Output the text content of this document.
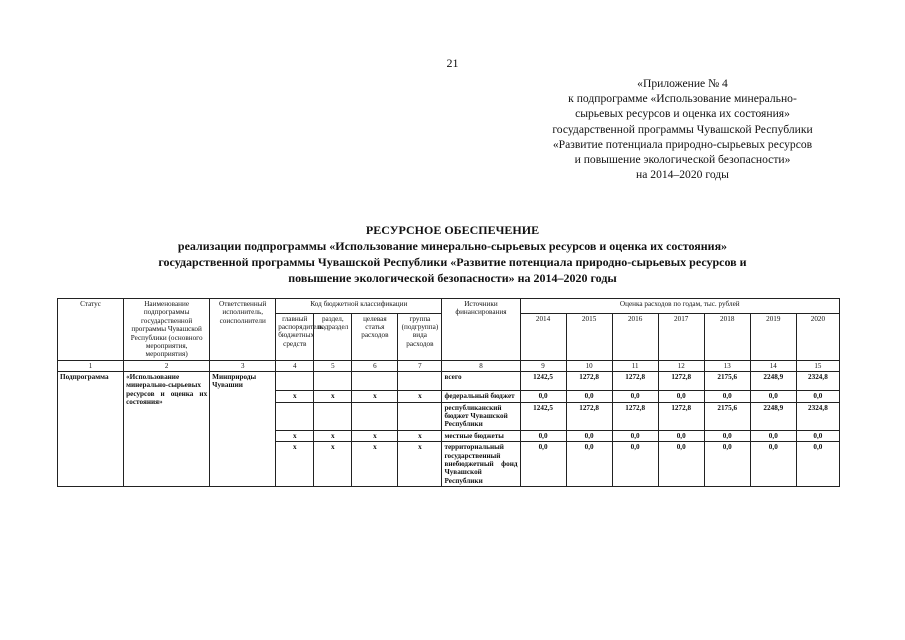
21
«Приложение № 4
к подпрограмме «Использование минерально-
сырьевых ресурсов и оценка их состояния»
государственной программы Чувашской Республики
«Развитие потенциала природно-сырьевых ресурсов
и повышение экологической безопасности»
на 2014–2020 годы
РЕСУРСНОЕ ОБЕСПЕЧЕНИЕ
реализации подпрограммы «Использование минерально-сырьевых ресурсов и оценка их состояния»
государственной программы Чувашской Республики «Развитие потенциала природно-сырьевых ресурсов и
повышение экологической безопасности» на 2014–2020 годы
Статус	Наименование подпрограммы государственной программы Чувашской Республики (основного мероприятия, мероприятия)	Ответственный исполнитель, соисполнители	Код бюджетной классификации				Источники финансирования	Оценка расходов по годам, тыс. рублей						
			главный распорядитель бюджетных средств	раздел, подраздел	целевая статья расходов	группа (подгруппа) вида расходов		2014	2015	2016	2017	2018	2019	2020
1	2	3	4	5	6	7	8	9	10	11	12	13	14	15
Подпрограмма	«Использование минерально-сырьевых ресурсов и оценка их состояния»	Минприроды Чувашии					всего	1242,5	1272,8	1272,8	1272,8	2175,6	2248,9	2324,8
			х	х	х	х	федеральный бюджет	0,0	0,0	0,0	0,0	0,0	0,0	0,0
							республиканский бюджет Чувашской Республики	1242,5	1272,8	1272,8	1272,8	2175,6	2248,9	2324,8
			х	х	х	х	местные бюджеты	0,0	0,0	0,0	0,0	0,0	0,0	0,0
			х	х	х	х	территориальный государственный внебюджетный фонд Чувашской Республики	0,0	0,0	0,0	0,0	0,0	0,0	0,0
